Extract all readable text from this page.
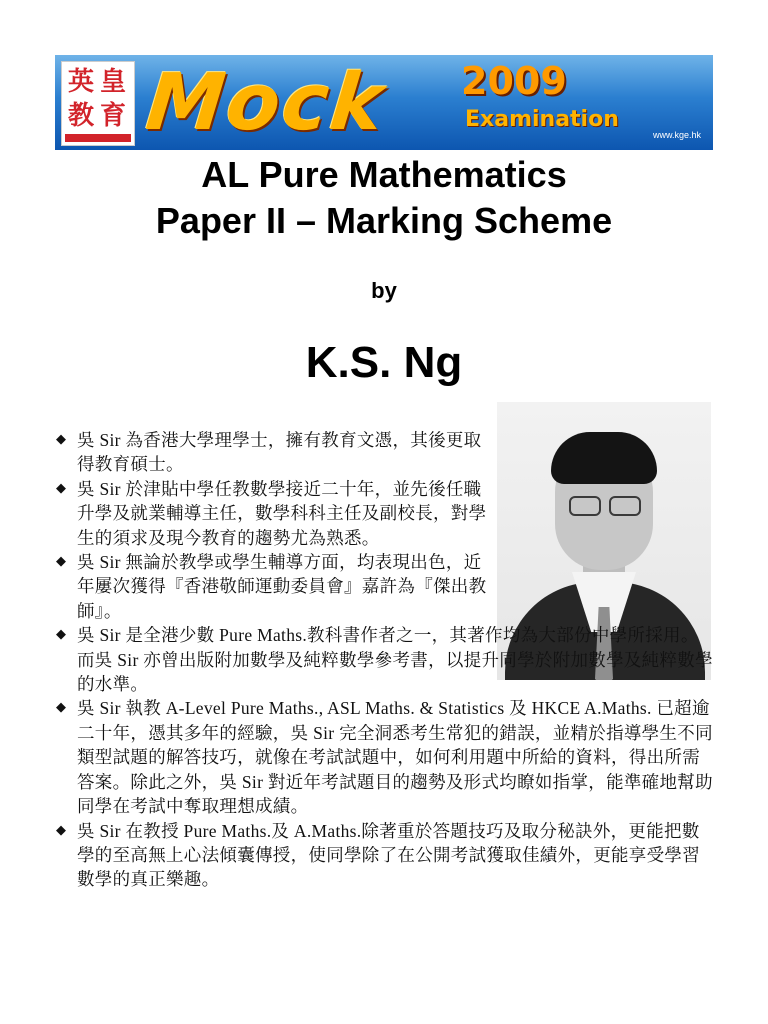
英 皇
教 育 Mock 2009
Examination
www.kge.hk
AL Pure Mathematics
Paper II – Marking Scheme
by
K.S. Ng
◆ 吳 Sir 為香港大學理學士，擁有教育文憑，其後更取得教育碩士。
◆ 吳 Sir 於津貼中學任教數學接近二十年，並先後任職升學及就業輔導主任，數學科科主任及副校長，對學生的須求及現今教育的趨勢尤為熟悉。
◆ 吳 Sir 無論於教學或學生輔導方面，均表現出色，近年屢次獲得『香港敬師運動委員會』嘉許為『傑出教師』。
◆ 吳 Sir 是全港少數 Pure Maths.教科書作者之一，其著作均為大部份中學所採用。而吳 Sir 亦曾出版附加數學及純粹數學參考書，以提升同學於附加數學及純粹數學的水準。
◆ 吳 Sir 執教 A-Level Pure Maths., ASL Maths. & Statistics 及 HKCE A.Maths. 已超逾二十年，憑其多年的經驗，吳 Sir 完全洞悉考生常犯的錯誤，並精於指導學生不同類型試題的解答技巧，就像在考試試題中，如何利用題中所給的資料，得出所需答案。除此之外，吳 Sir 對近年考試題目的趨勢及形式均瞭如指掌，能準確地幫助同學在考試中奪取理想成績。
◆ 吳 Sir 在教授 Pure Maths.及 A.Maths.除著重於答題技巧及取分秘訣外，更能把數學的至高無上心法傾囊傳授，使同學除了在公開考試獲取佳績外，更能享受學習數學的真正樂趣。
